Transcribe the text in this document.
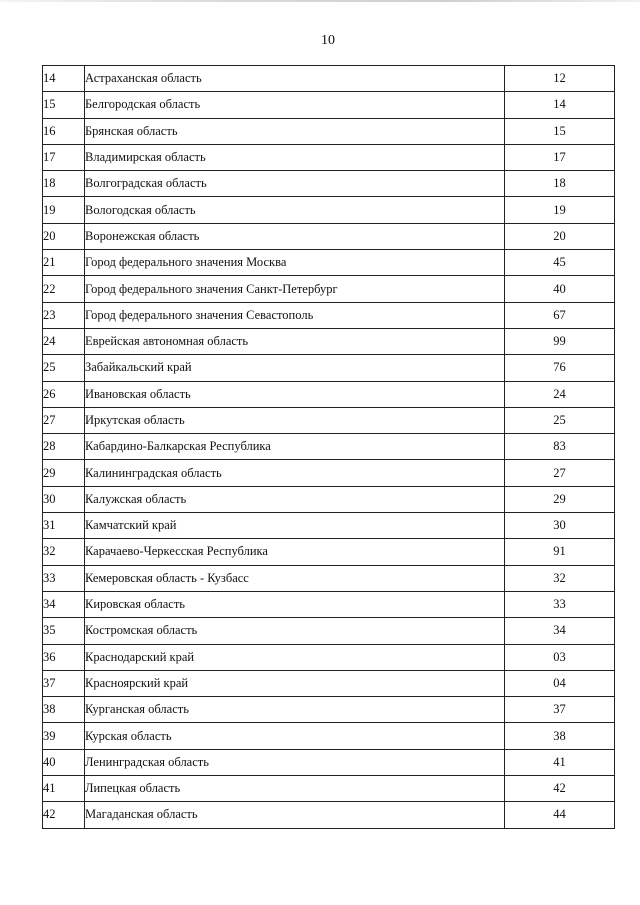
10
14	Астраханская область	12
15	Белгородская область	14
16	Брянская область	15
17	Владимирская область	17
18	Волгоградская область	18
19	Вологодская область	19
20	Воронежская область	20
21	Город федерального значения Москва	45
22	Город федерального значения Санкт-Петербург	40
23	Город федерального значения Севастополь	67
24	Еврейская автономная область	99
25	Забайкальский край	76
26	Ивановская область	24
27	Иркутская область	25
28	Кабардино-Балкарская Республика	83
29	Калининградская область	27
30	Калужская область	29
31	Камчатский край	30
32	Карачаево-Черкесская Республика	91
33	Кемеровская область - Кузбасс	32
34	Кировская область	33
35	Костромская область	34
36	Краснодарский край	03
37	Красноярский край	04
38	Курганская область	37
39	Курская область	38
40	Ленинградская область	41
41	Липецкая область	42
42	Магаданская область	44
